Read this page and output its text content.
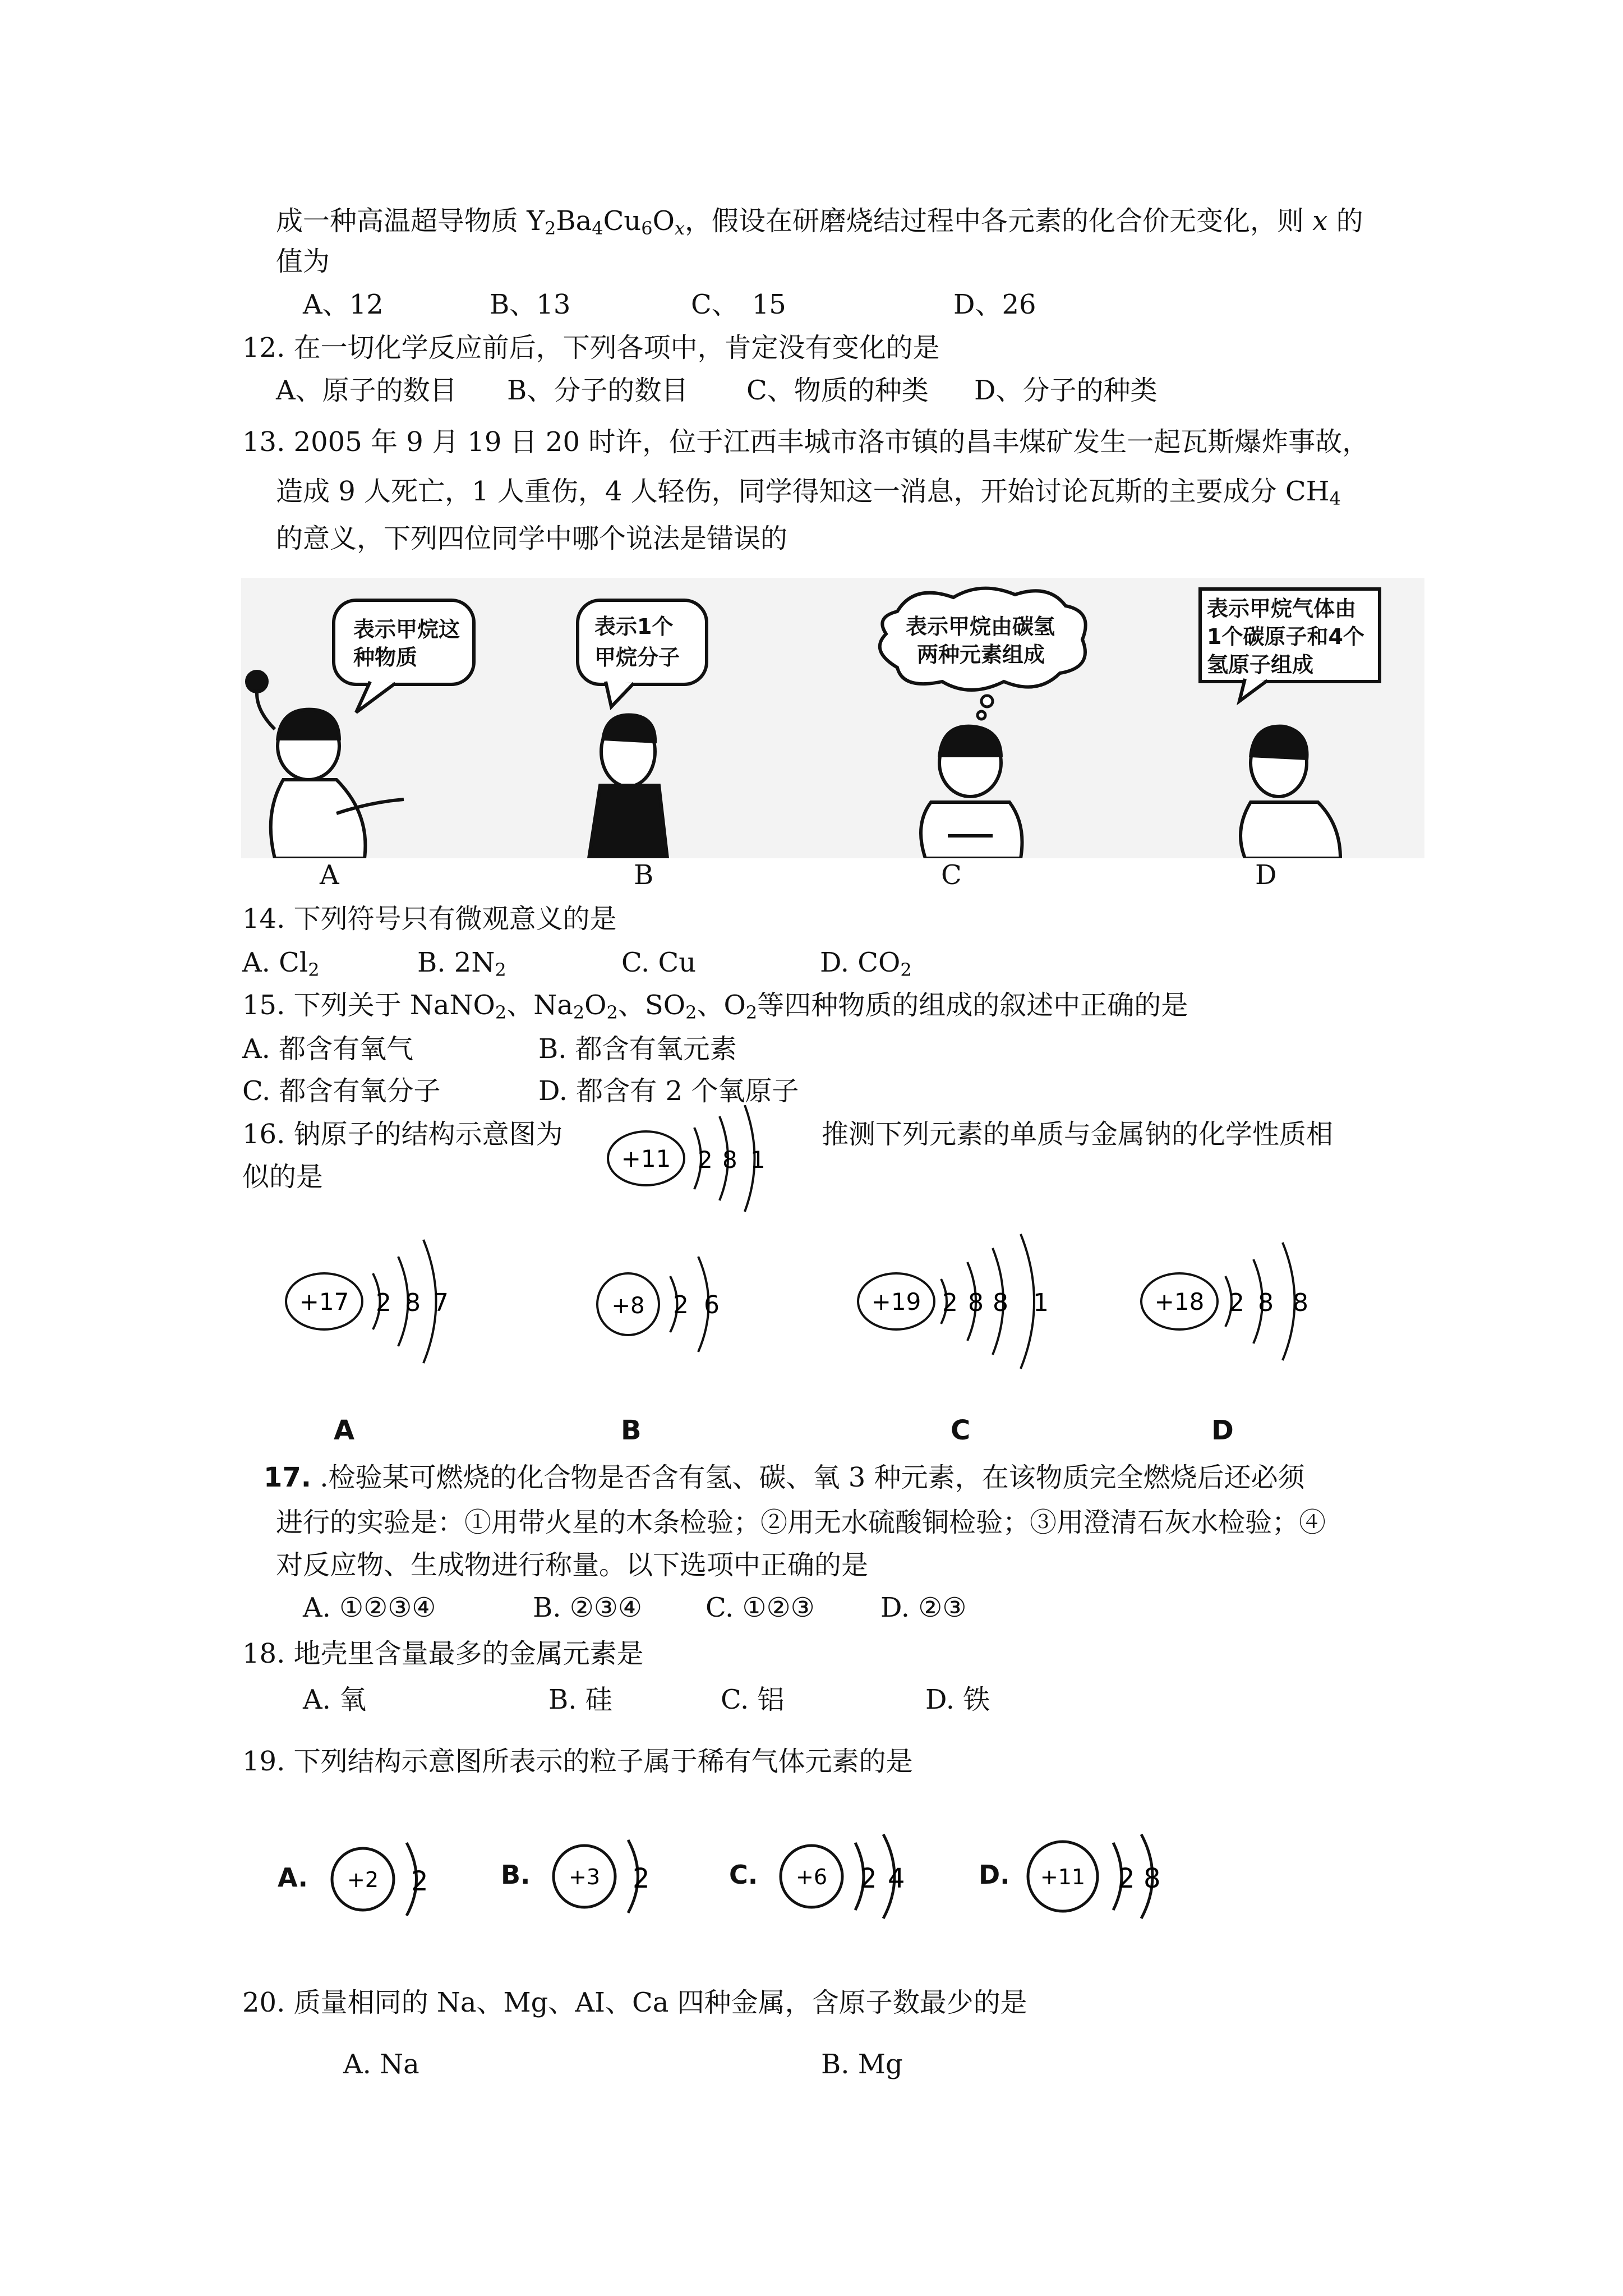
成一种高温超导物质 $Y_2Ba_4Cu_6O_x$，假设在研磨烧结过程中各元素的化合价无变化，则 x 的
值为
A、12	B、13	C、　15	D、26
12. 在一切化学反应前后，下列各项中，肯定没有变化的是
A、原子的数目 B、分子的数目 C、物质的种类 D、分子的种类
13. 2005 年 9 月 19 日 20 时许，位于江西丰城市洛市镇的昌丰煤矿发生一起瓦斯爆炸事故，
造成 9 人死亡，1 人重伤，4 人轻伤，同学得知这一消息，开始讨论瓦斯的主要成分 $CH_4$
的意义，下列四位同学中哪个说法是错误的
表示甲烷这
种物质
表示1个
甲烷分子
表示甲烷由碳氢
两种元素组成
表示甲烷气体由
1个碳原子和4个
氢原子组成
A	B	C	D
14. 下列符号只有微观意义的是
A. $Cl_2$	B. $2N_2$	C. Cu	D. $CO_2$
15. 下列关于 NaNO$_2$、$Na_2O_2$、$SO_2$、$O_2$等四种物质的组成的叙述中正确的是
A. 都含有氧气	B. 都含有氧元素
C. 都含有氧分子	D. 都含有 2 个氧原子
16. 钠原子的结构示意图为	推测下列元素的单质与金属钠的化学性质相
似的是
+11 2 8 1
+17 2 8 7	+8 2 6	+19 2 8 8 1	+18 2 8 8
A	B	C	D
17. .检验某可燃烧的化合物是否含有氢、碳、氧 3 种元素，在该物质完全燃烧后还必须
进行的实验是：①用带火星的木条检验；②用无水硫酸铜检验；③用澄清石灰水检验；④
对反应物、生成物进行称量。以下选项中正确的是
A. ①②③④	B. ②③④ C. ①②③ D. ②③
18. 地壳里含量最多的金属元素是
A. 氧	B. 硅	C. 铝	D. 铁
19. 下列结构示意图所表示的粒子属于稀有气体元素的是
A. +2 2	B. +3 2	C. +6 2 4	D. +11 2 8
20. 质量相同的 Na、Mg、AI、Ca 四种金属，含原子数最少的是
A. Na	B. Mg
